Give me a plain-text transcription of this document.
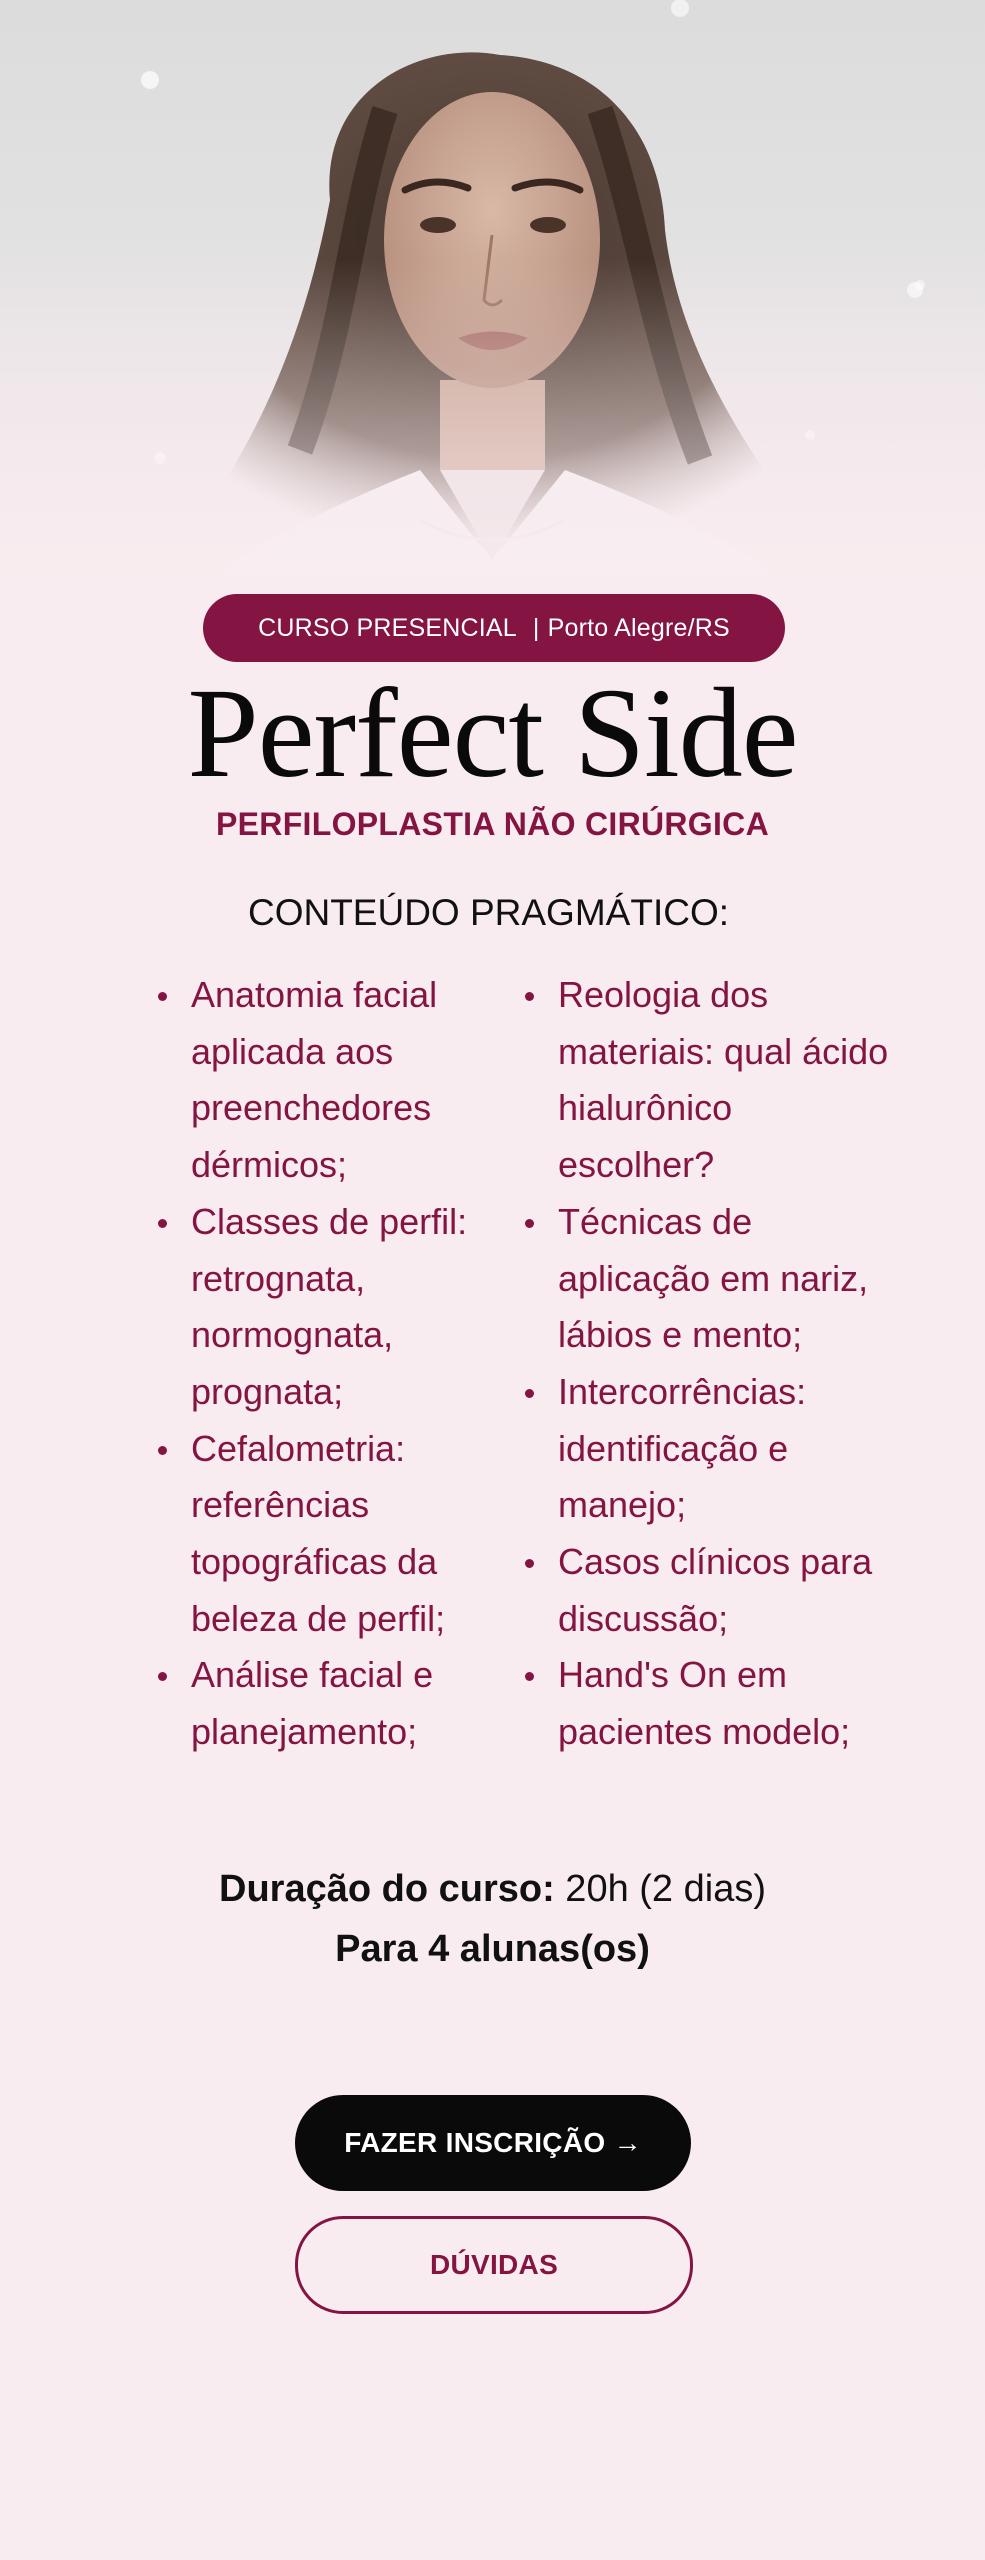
CURSO PRESENCIAL | Porto Alegre/RS
Perfect Side
PERFILOPLASTIA NÃO CIRÚRGICA
CONTEÚDO PRAGMÁTICO:
Anatomia facial aplicada aos preenchedores dérmicos;
Classes de perfil: retrognata, normognata, prognata;
Cefalometria: referências topográficas da beleza de perfil;
Análise facial e planejamento;
Reologia dos materiais: qual ácido hialurônico escolher?
Técnicas de aplicação em nariz, lábios e mento;
Intercorrências: identificação e manejo;
Casos clínicos para discussão;
Hand's On em pacientes modelo;
Duração do curso: 20h (2 dias)
Para 4 alunas(os)
FAZER INSCRIÇÃO →
DÚVIDAS
